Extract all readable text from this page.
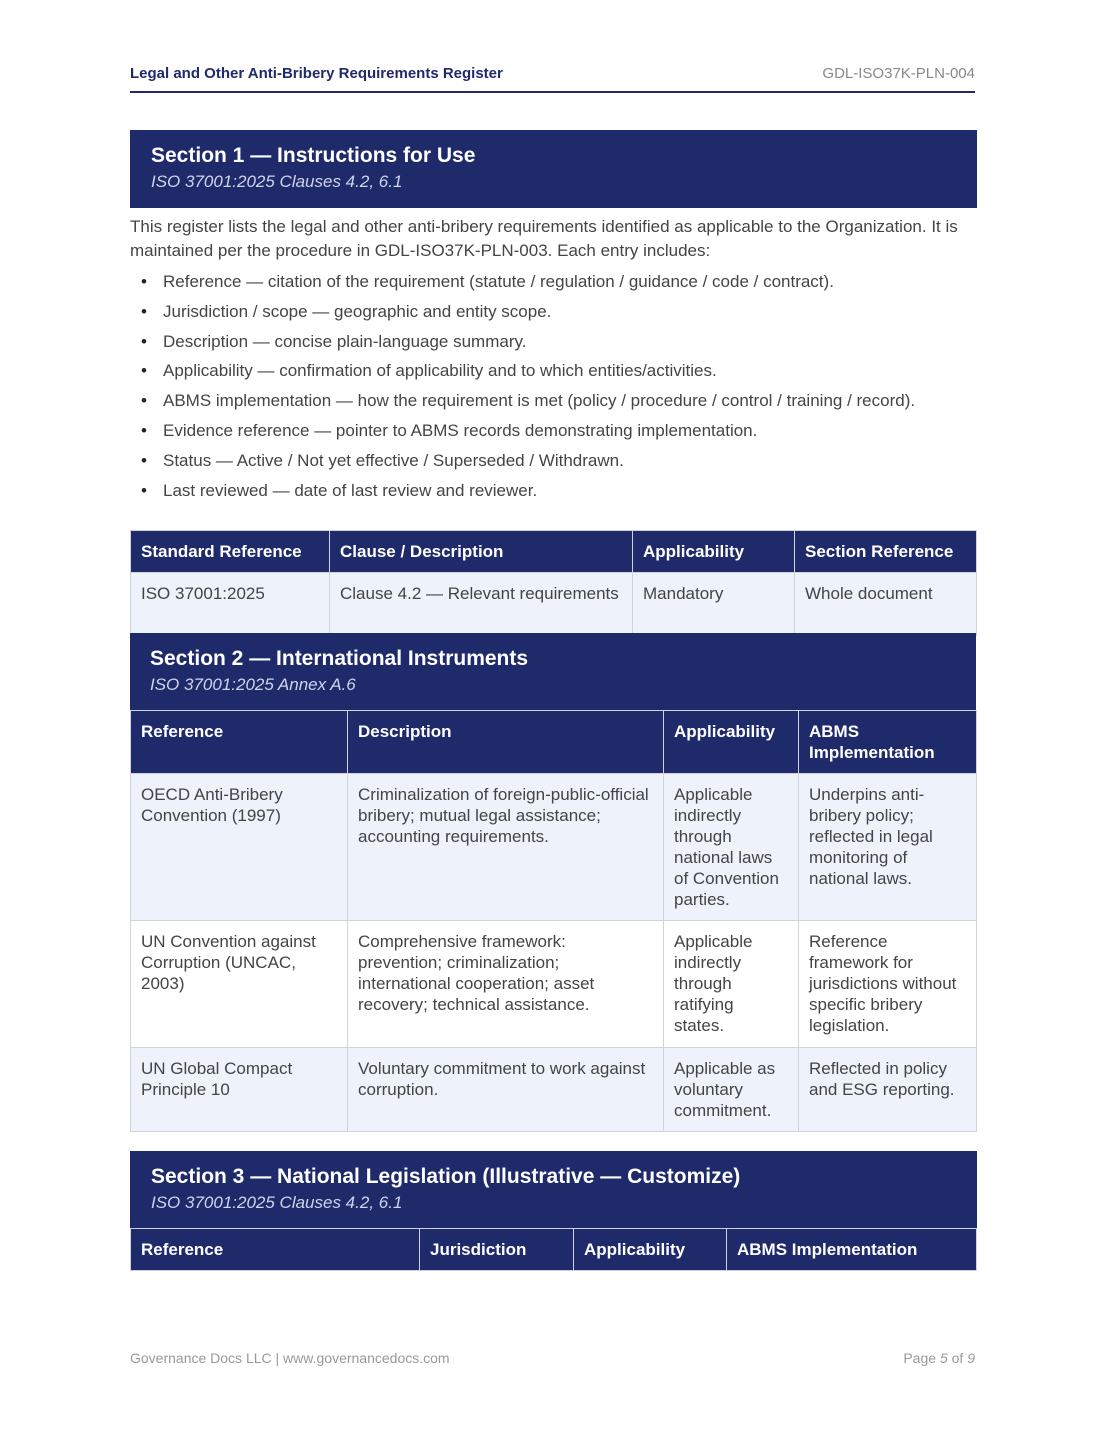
Legal and Other Anti-Bribery Requirements Register	GDL-ISO37K-PLN-004
Section 1 — Instructions for Use
ISO 37001:2025 Clauses 4.2, 6.1
This register lists the legal and other anti-bribery requirements identified as applicable to the Organization. It is maintained per the procedure in GDL-ISO37K-PLN-003. Each entry includes:
• Reference — citation of the requirement (statute / regulation / guidance / code / contract).
• Jurisdiction / scope — geographic and entity scope.
• Description — concise plain-language summary.
• Applicability — confirmation of applicability and to which entities/activities.
• ABMS implementation — how the requirement is met (policy / procedure / control / training / record).
• Evidence reference — pointer to ABMS records demonstrating implementation.
• Status — Active / Not yet effective / Superseded / Withdrawn.
• Last reviewed — date of last review and reviewer.
Standard Reference	Clause / Description	Applicability	Section Reference
ISO 37001:2025	Clause 4.2 — Relevant requirements	Mandatory	Whole document
Section 2 — International Instruments
ISO 37001:2025 Annex A.6
Reference	Description	Applicability	ABMS Implementation
OECD Anti-Bribery Convention (1997)	Criminalization of foreign-public-official bribery; mutual legal assistance; accounting requirements.	Applicable indirectly through national laws of Convention parties.	Underpins anti-bribery policy; reflected in legal monitoring of national laws.
UN Convention against Corruption (UNCAC, 2003)	Comprehensive framework: prevention; criminalization; international cooperation; asset recovery; technical assistance.	Applicable indirectly through ratifying states.	Reference framework for jurisdictions without specific bribery legislation.
UN Global Compact Principle 10	Voluntary commitment to work against corruption.	Applicable as voluntary commitment.	Reflected in policy and ESG reporting.
Section 3 — National Legislation (Illustrative — Customize)
ISO 37001:2025 Clauses 4.2, 6.1
Reference	Jurisdiction	Applicability	ABMS Implementation
Governance Docs LLC | www.governancedocs.com	Page 5 of 9
